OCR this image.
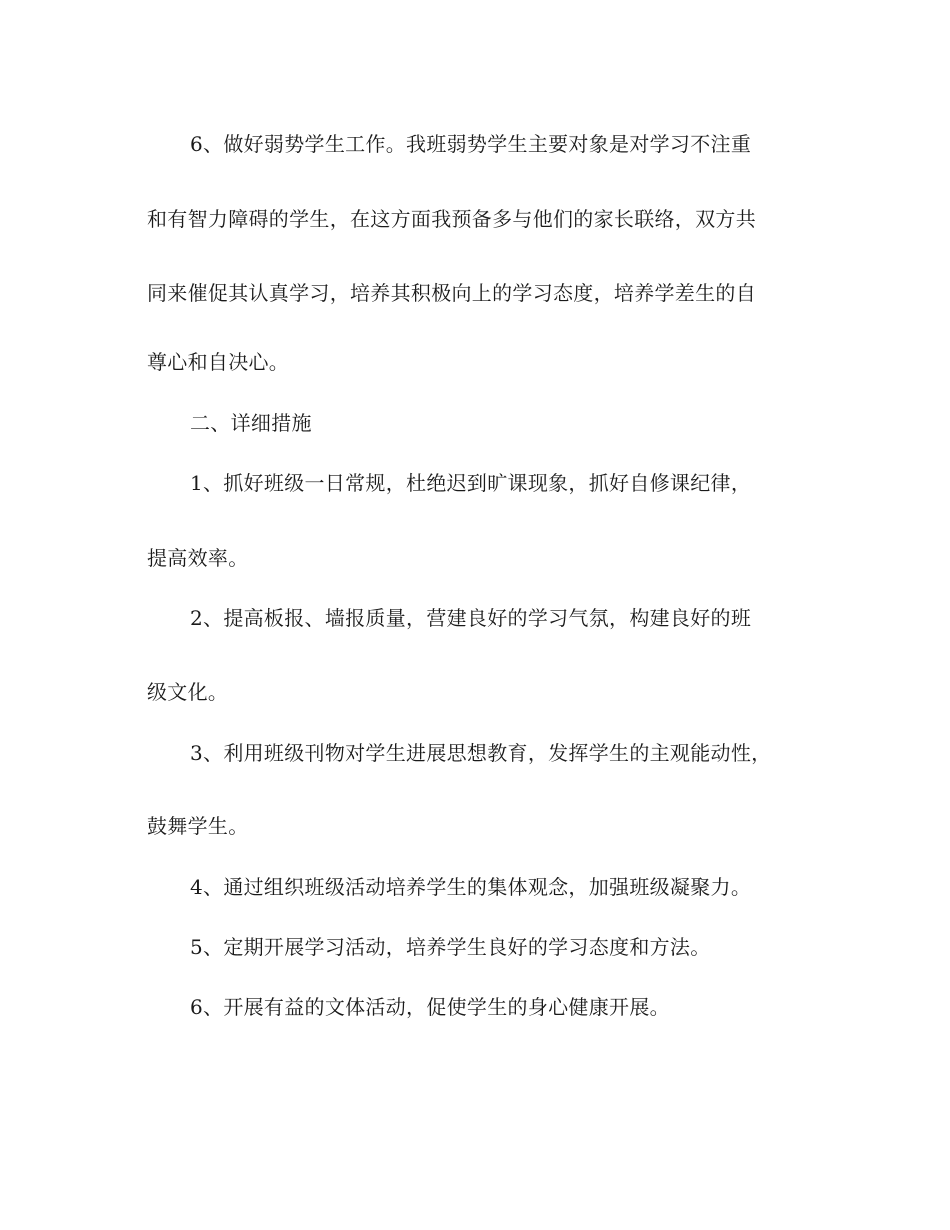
6、做好弱势学生工作。我班弱势学生主要对象是对学习不注重

和有智力障碍的学生，在这方面我预备多与他们的家长联络，双方共

同来催促其认真学习，培养其积极向上的学习态度，培养学差生的自

尊心和自决心。

二、详细措施

1、抓好班级一日常规，杜绝迟到旷课现象，抓好自修课纪律，

提高效率。

2、提高板报、墙报质量，营建良好的学习气氛，构建良好的班

级文化。

3、利用班级刊物对学生进展思想教育，发挥学生的主观能动性，

鼓舞学生。

4、通过组织班级活动培养学生的集体观念，加强班级凝聚力。

5、定期开展学习活动，培养学生良好的学习态度和方法。

6、开展有益的文体活动，促使学生的身心健康开展。
